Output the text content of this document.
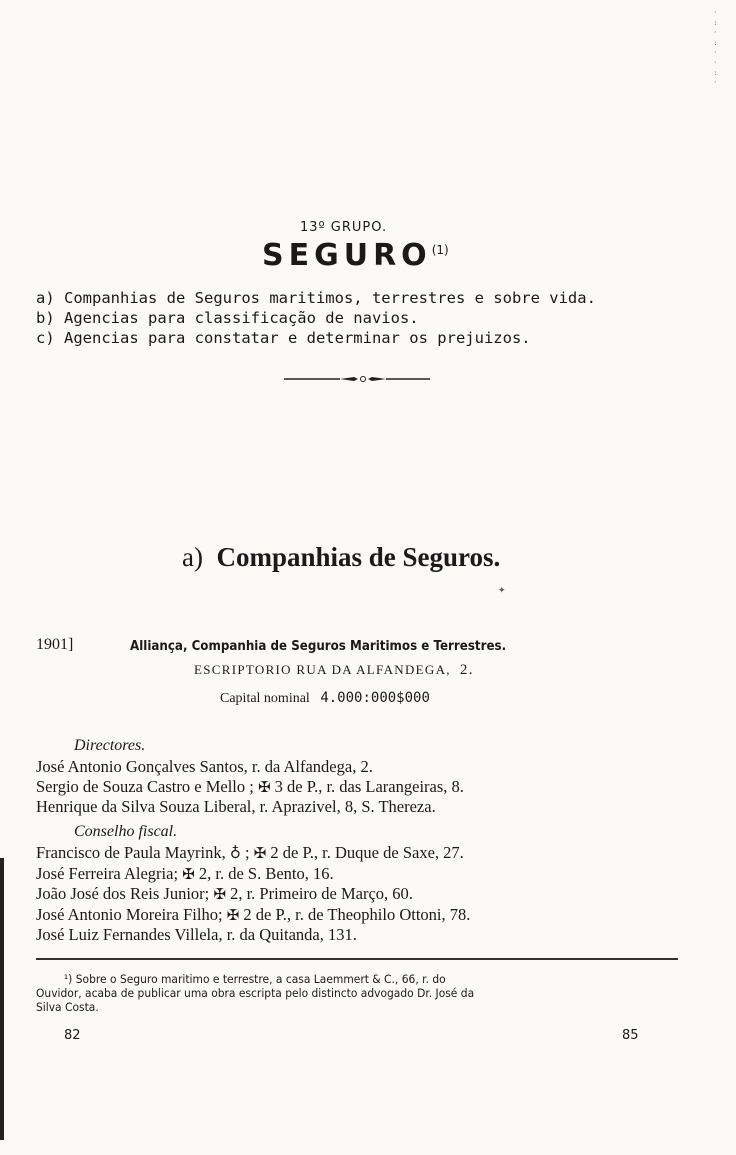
·
:
·
:
·
·
:
·
13º GRUPO.
SEGURO$^{(1)}$
a) Companhias de Seguros maritimos, terrestres e sobre vida.
b) Agencias para classificação de navios.
c) Agencias para constatar e determinar os prejuizos.
a) Companhias de Seguros.
✦
1901]	Alliança, Companhia de Seguros Maritimos e Terrestres.
ESCRIPTORIO RUA DA ALFANDEGA, 2.
Capital nominal 4.000:000$000
Directores.
José Antonio Gonçalves Santos, r. da Alfandega, 2.
Sergio de Souza Castro e Mello ; ✠ 3 de P., r. das Larangeiras, 8.
Henrique da Silva Souza Liberal, r. Aprazivel, 8, S. Thereza.
Conselho fiscal.
Francisco de Paula Mayrink, ♁ ; ✠ 2 de P., r. Duque de Saxe, 27.
José Ferreira Alegria; ✠ 2, r. de S. Bento, 16.
João José dos Reis Junior; ✠ 2, r. Primeiro de Março, 60.
José Antonio Moreira Filho; ✠ 2 de P., r. de Theophilo Ottoni, 78.
José Luiz Fernandes Villela, r. da Quitanda, 131.
¹) Sobre o Seguro maritimo e terrestre, a casa Laemmert & C., 66, r. do
Ouvidor, acaba de publicar uma obra escripta pelo distincto advogado Dr. José da
Silva Costa.
82	85
